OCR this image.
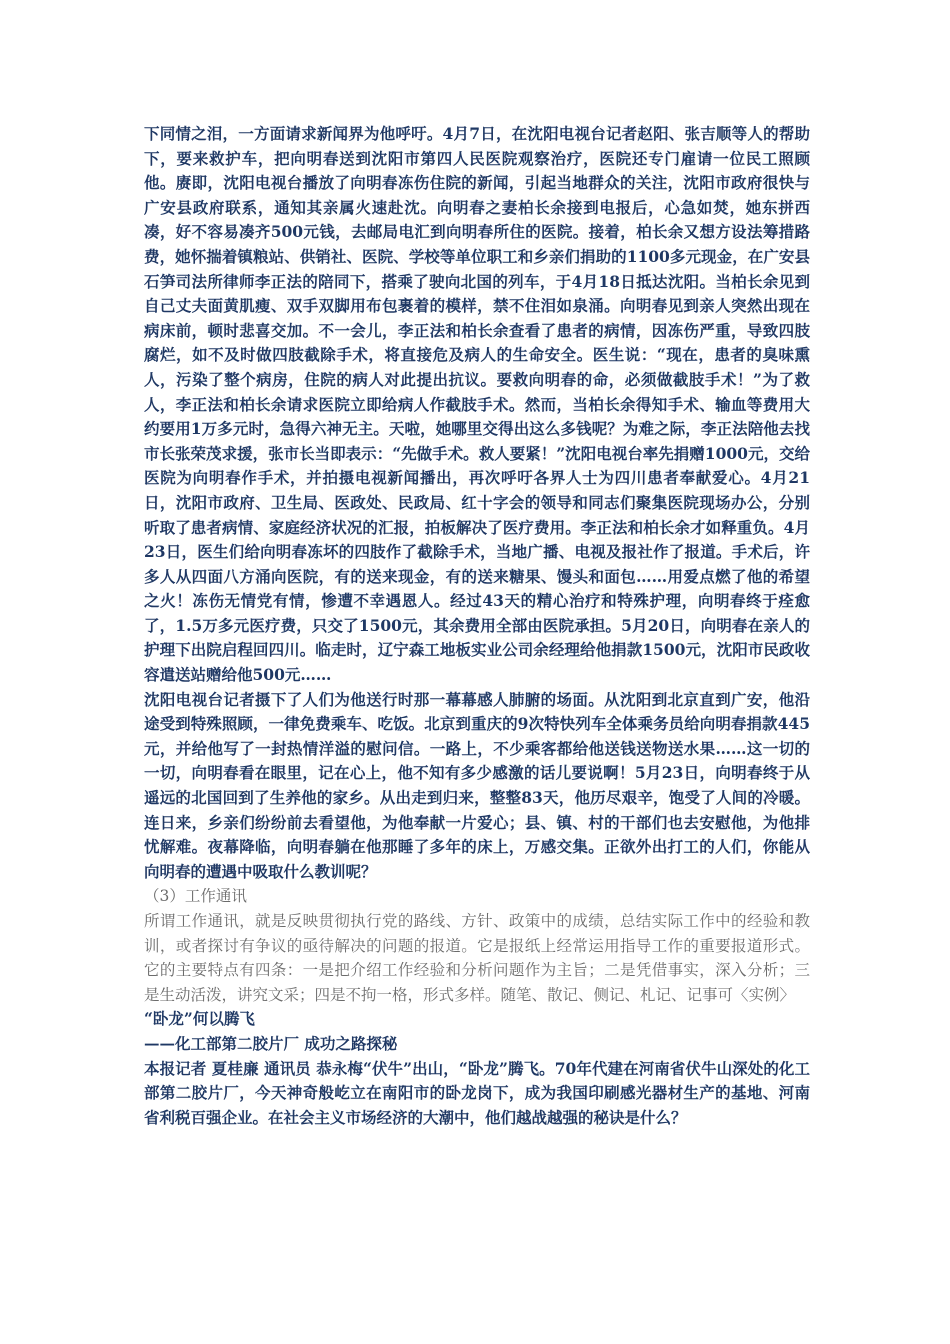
下同情之泪，一方面请求新闻界为他呼吁。4月7日，在沈阳电视台记者赵阳、张吉顺等人的帮助下，要来救护车，把向明春送到沈阳市第四人民医院观察治疗，医院还专门雇请一位民工照顾他。赓即，沈阳电视台播放了向明春冻伤住院的新闻，引起当地群众的关注，沈阳市政府很快与广安县政府联系，通知其亲属火速赴沈。向明春之妻柏长余接到电报后，心急如焚，她东拼西凑，好不容易凑齐500元钱，去邮局电汇到向明春所住的医院。接着，柏长余又想方设法筹措路费，她怀揣着镇粮站、供销社、医院、学校等单位职工和乡亲们捐助的1100多元现金，在广安县石笋司法所律师李正法的陪同下，搭乘了驶向北国的列车，于4月18日抵达沈阳。当柏长余见到自己丈夫面黄肌瘦、双手双脚用布包裹着的模样，禁不住泪如泉涌。向明春见到亲人突然出现在病床前，顿时悲喜交加。不一会儿，李正法和柏长余查看了患者的病情，因冻伤严重，导致四肢腐烂，如不及时做四肢截除手术，将直接危及病人的生命安全。医生说：“现在，患者的臭味熏人，污染了整个病房，住院的病人对此提出抗议。要救向明春的命，必须做截肢手术！”为了救人，李正法和柏长余请求医院立即给病人作截肢手术。然而，当柏长余得知手术、输血等费用大约要用1万多元时，急得六神无主。天啦，她哪里交得出这么多钱呢？为难之际，李正法陪他去找市长张荣茂求援，张市长当即表示：“先做手术。救人要紧！”沈阳电视台率先捐赠1000元，交给医院为向明春作手术，并拍摄电视新闻播出，再次呼吁各界人士为四川患者奉献爱心。4月21日，沈阳市政府、卫生局、医政处、民政局、红十字会的领导和同志们聚集医院现场办公，分别听取了患者病情、家庭经济状况的汇报，拍板解决了医疗费用。李正法和柏长余才如释重负。4月23日，医生们给向明春冻坏的四肢作了截除手术，当地广播、电视及报社作了报道。手术后，许多人从四面八方涌向医院，有的送来现金，有的送来糖果、馒头和面包……用爱点燃了他的希望之火！冻伤无情党有情，惨遭不幸遇恩人。经过43天的精心治疗和特殊护理，向明春终于痊愈了，1.5万多元医疗费，只交了1500元，其余费用全部由医院承担。5月20日，向明春在亲人的护理下出院启程回四川。临走时，辽宁森工地板实业公司余经理给他捐款1500元，沈阳市民政收容遣送站赠给他500元……

沈阳电视台记者摄下了人们为他送行时那一幕幕感人肺腑的场面。从沈阳到北京直到广安，他沿途受到特殊照顾，一律免费乘车、吃饭。北京到重庆的9次特快列车全体乘务员给向明春捐款445元，并给他写了一封热情洋溢的慰问信。一路上，不少乘客都给他送钱送物送水果……这一切的一切，向明春看在眼里，记在心上，他不知有多少感激的话儿要说啊！5月23日，向明春终于从遥远的北国回到了生养他的家乡。从出走到归来，整整83天，他历尽艰辛，饱受了人间的冷暖。连日来，乡亲们纷纷前去看望他，为他奉献一片爱心；县、镇、村的干部们也去安慰他，为他排忧解难。夜幕降临，向明春躺在他那睡了多年的床上，万感交集。正欲外出打工的人们，你能从向明春的遭遇中吸取什么教训呢？

（3）工作通讯

所谓工作通讯，就是反映贯彻执行党的路线、方针、政策中的成绩，总结实际工作中的经验和教训，或者探讨有争议的亟待解决的问题的报道。它是报纸上经常运用指导工作的重要报道形式。它的主要特点有四条：一是把介绍工作经验和分析问题作为主旨；二是凭借事实，深入分析；三是生动活泼，讲究文采；四是不拘一格，形式多样。随笔、散记、侧记、札记、记事可〈实例〉

“卧龙”何以腾飞

——化工部第二胶片厂 成功之路探秘

本报记者 夏桂廉 通讯员 恭永梅“伏牛”出山，“卧龙”腾飞。70年代建在河南省伏牛山深处的化工部第二胶片厂，今天神奇般屹立在南阳市的卧龙岗下，成为我国印刷感光器材生产的基地、河南省利税百强企业。在社会主义市场经济的大潮中，他们越战越强的秘诀是什么？
